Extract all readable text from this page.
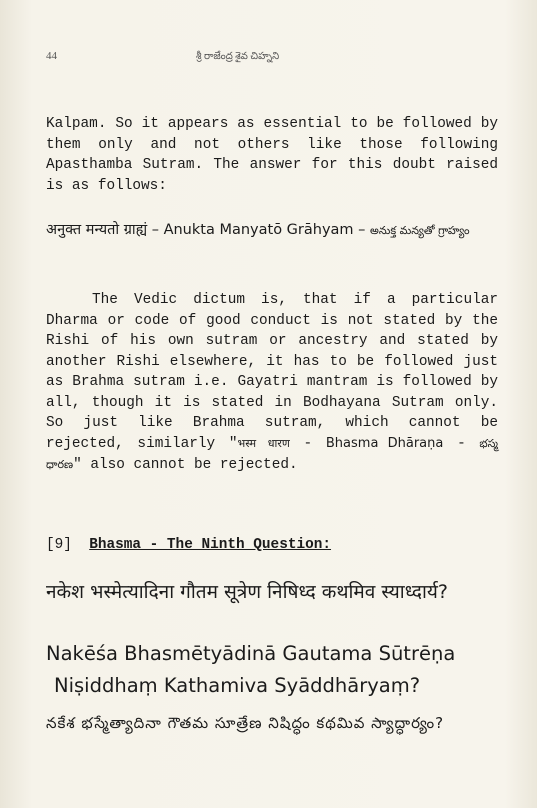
44	శ్రీ రాజేంద్ర శైవ చిహ్నని
Kalpam. So it appears as essential to be followed by them only and not others like those following Apasthamba Sutram. The answer for this doubt raised is as follows:
अनुक्त मन्यतो ग्राह्यं – Anukta Manyatō Grāhyam – అనుక్త మన్యతో గ్రాహ్యం
The Vedic dictum is, that if a particular Dharma or code of good conduct is not stated by the Rishi of his own sutram or ancestry and stated by another Rishi elsewhere, it has to be followed just as Brahma sutram i.e. Gayatri mantram is followed by all, though it is stated in Bodhayana Sutram only. So just like Brahma sutram, which cannot be rejected, similarly "भस्म धारण - Bhasma Dhāraṇa - భస్మ ధారణ" also cannot be rejected.
[9] Bhasma - The Ninth Question:
नकेश भस्मेत्यादिना गौतम सूत्रेण निषिध्द कथमिव स्याध्दार्य?
Nakēśa Bhasmētyādinā Gautama Sūtrēṇa
Niṣiddhaṃ Kathamiva Syāddhāryaṃ?
నకేశ భస్మేత్యాదినా గౌతమ సూత్రేణ నిషిద్ధం కథమివ స్యాద్ధార్యం?
